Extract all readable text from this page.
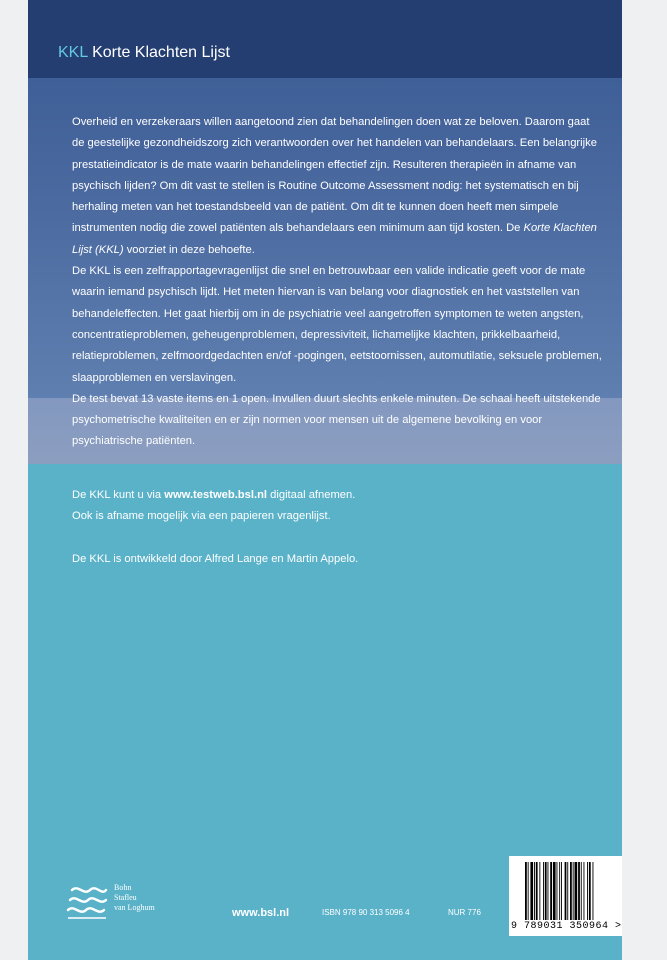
KKL Korte Klachten Lijst

Overheid en verzekeraars willen aangetoond zien dat behandelingen doen wat ze beloven. Daarom gaat de geestelijke gezondheidszorg zich verantwoorden over het handelen van behandelaars. Een belangrijke prestatieindicator is de mate waarin behandelingen effectief zijn. Resulteren therapieën in afname van psychisch lijden? Om dit vast te stellen is Routine Outcome Assessment nodig: het systematisch en bij herhaling meten van het toestandsbeeld van de patiënt. Om dit te kunnen doen heeft men simpele instrumenten nodig die zowel patiënten als behandelaars een minimum aan tijd kosten. De Korte Klachten Lijst (KKL) voorziet in deze behoefte.

De KKL is een zelfrapportagevragenlijst die snel en betrouwbaar een valide indicatie geeft voor de mate waarin iemand psychisch lijdt. Het meten hiervan is van belang voor diagnostiek en het vaststellen van behandeleffecten. Het gaat hierbij om in de psychiatrie veel aangetroffen symptomen te weten angsten, concentratieproblemen, geheugenproblemen, depressiviteit, lichamelijke klachten, prikkelbaarheid, relatieproblemen, zelfmoordgedachten en/of -pogingen, eetstoornissen, automutilatie, seksuele problemen, slaapproblemen en verslavingen.

De test bevat 13 vaste items en 1 open. Invullen duurt slechts enkele minuten. De schaal heeft uitstekende psychometrische kwaliteiten en er zijn normen voor mensen uit de algemene bevolking en voor psychiatrische patiënten.

De KKL kunt u via www.testweb.bsl.nl digitaal afnemen.

Ook is afname mogelijk via een papieren vragenlijst.

De KKL is ontwikkeld door Alfred Lange en Martin Appelo.

Bohn
Stafleu
van Loghum	www.bsl.nl	ISBN 978 90 313 5096 4	NUR 776
9 789031 350964 >
